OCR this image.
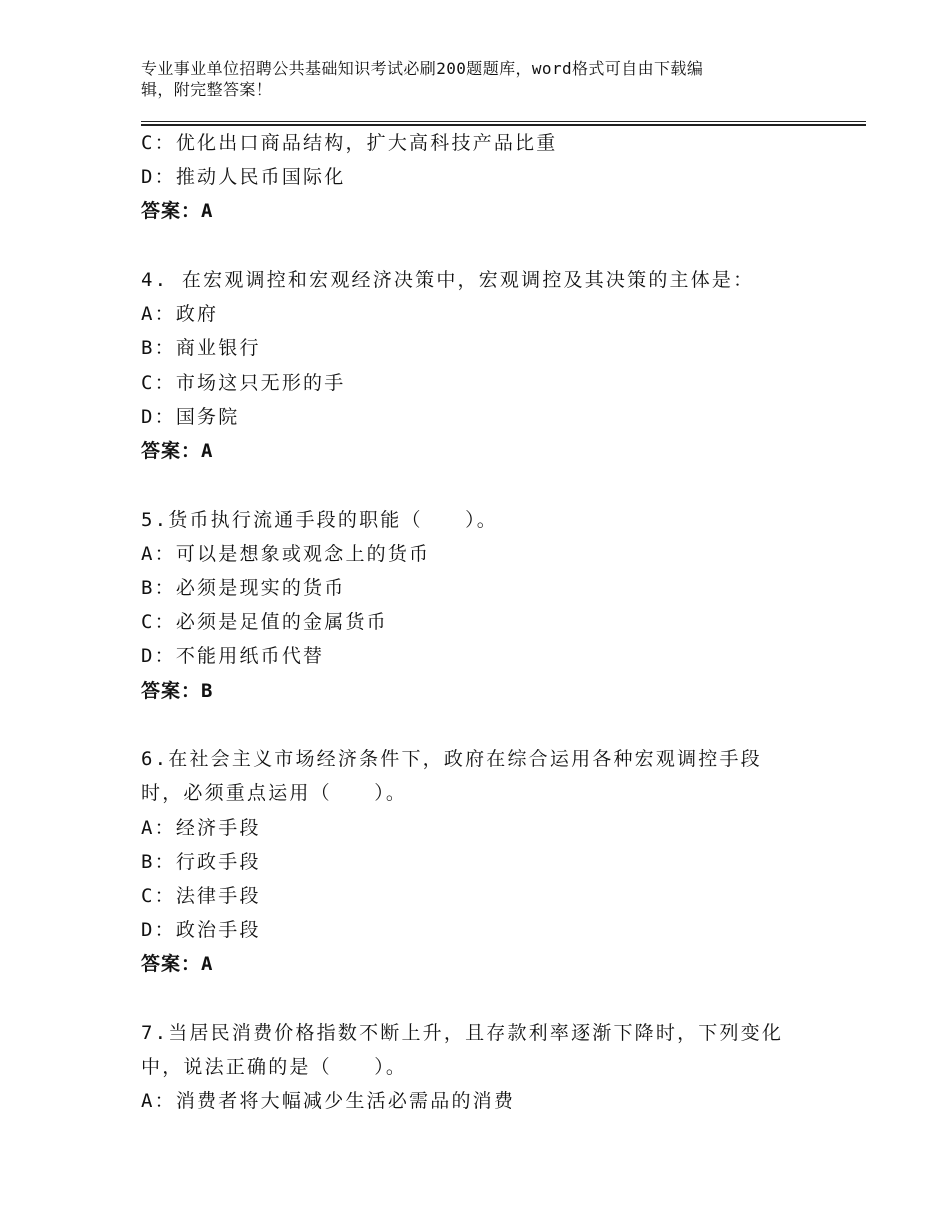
专业事业单位招聘公共基础知识考试必刷200题题库，word格式可自由下载编
辑，附完整答案！
C：优化出口商品结构，扩大高科技产品比重
D：推动人民币国际化
答案：A
4. 在宏观调控和宏观经济决策中，宏观调控及其决策的主体是：
A：政府
B：商业银行
C：市场这只无形的手
D：国务院
答案：A
5.货币执行流通手段的职能（　　）。
A：可以是想象或观念上的货币
B：必须是现实的货币
C：必须是足值的金属货币
D：不能用纸币代替
答案：B
6.在社会主义市场经济条件下，政府在综合运用各种宏观调控手段
时，必须重点运用（　　）。
A：经济手段
B：行政手段
C：法律手段
D：政治手段
答案：A
7.当居民消费价格指数不断上升，且存款利率逐渐下降时，下列变化
中，说法正确的是（　　）。
A：消费者将大幅减少生活必需品的消费
